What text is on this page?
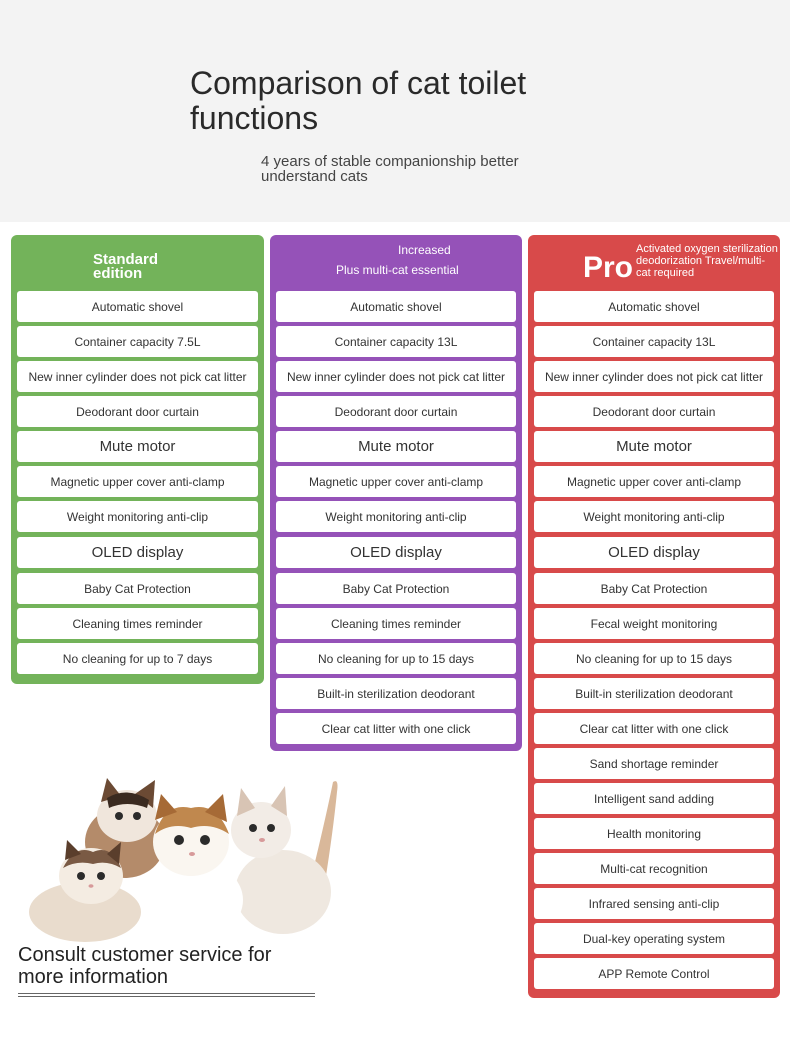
Comparison of cat toilet functions
4 years of stable companionship better understand cats
Standard edition
Automatic shovel
Container capacity 7.5L
New inner cylinder does not pick cat litter
Deodorant door curtain
Mute motor
Magnetic upper cover anti-clamp
Weight monitoring anti-clip
OLED display
Baby Cat Protection
Cleaning times reminder
No cleaning for up to 7 days
Increased
Plus multi-cat essential
Automatic shovel
Container capacity 13L
New inner cylinder does not pick cat litter
Deodorant door curtain
Mute motor
Magnetic upper cover anti-clamp
Weight monitoring anti-clip
OLED display
Baby Cat Protection
Cleaning times reminder
No cleaning for up to 15 days
Built-in sterilization deodorant
Clear cat litter with one click
Pro
Activated oxygen sterilization deodorization Travel/multi-cat required
Automatic shovel
Container capacity 13L
New inner cylinder does not pick cat litter
Deodorant door curtain
Mute motor
Magnetic upper cover anti-clamp
Weight monitoring anti-clip
OLED display
Baby Cat Protection
Fecal weight monitoring
No cleaning for up to 15 days
Built-in sterilization deodorant
Clear cat litter with one click
Sand shortage reminder
Intelligent sand adding
Health monitoring
Multi-cat recognition
Infrared sensing anti-clip
Dual-key operating system
APP Remote Control
Consult customer service for more information
